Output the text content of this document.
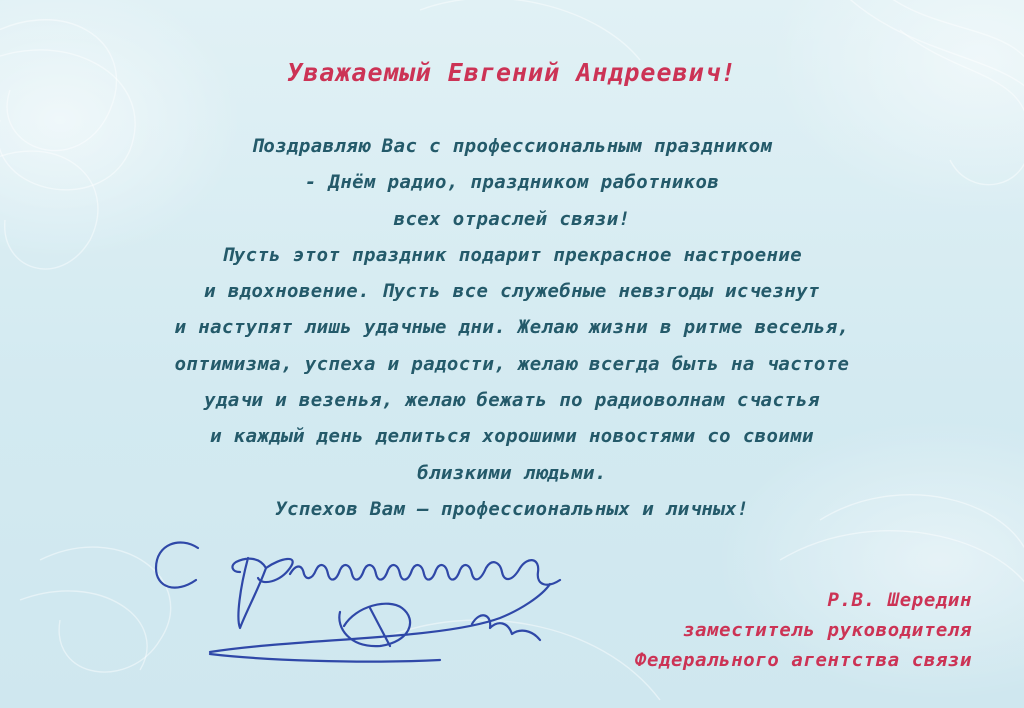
Уважаемый Евгений Андреевич!
Поздравляю Вас с профессиональным праздником
- Днём радио, праздником работников
всех отраслей связи!
Пусть этот праздник подарит прекрасное настроение
и вдохновение. Пусть все служебные невзгоды исчезнут
и наступят лишь удачные дни. Желаю жизни в ритме веселья,
оптимизма, успеха и радости, желаю всегда быть на частоте
удачи и везенья, желаю бежать по радиоволнам счастья
и каждый день делиться хорошими новостями со своими
близкими людьми.
Успехов Вам — профессиональных и личных!
Р.В. Шередин
заместитель руководителя
Федерального агентства связи
